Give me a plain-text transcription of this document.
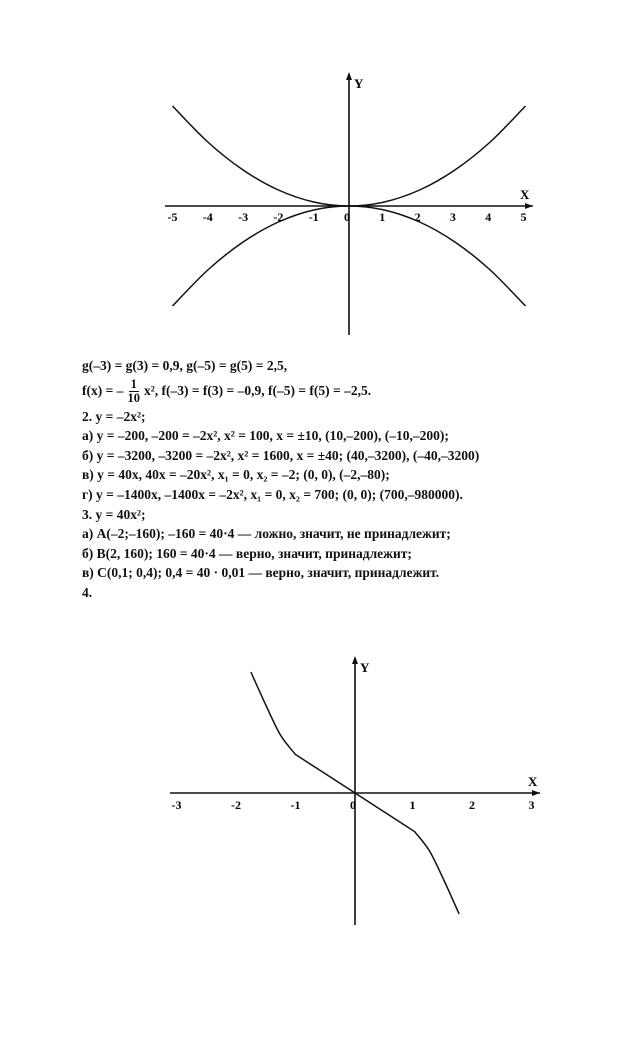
Y
X
-5 -4 -3 -2 -1 0 1 2 3 4 5
g(–3) = g(3) = 0,9, g(–5) = g(5) = 2,5,
f(x) = – $\frac{1}{10} x^2$, f(–3) = f(3) = –0,9, f(–5) = f(5) = –2,5.
2. y = –2x²;
а) y = –200, –200 = –2x², x² = 100, x = ±10, (10,–200), (–10,–200);
б) y = –3200, –3200 = –2x², x² = 1600, x = ±40; (40,–3200), (–40,–3200)
в) y = 40x, 40x = –20x², x₁ = 0, x₂ = –2; (0, 0), (–2,–80);
г) y = –1400x, –1400x = –2x², x₁ = 0, x₂ = 700; (0, 0); (700,–980000).
3. y = 40x²;
а) A(–2;–160); –160 = 40·4 — ложно, значит, не принадлежит;
б) B(2, 160); 160 = 40·4 — верно, значит, принадлежит;
в) C(0,1; 0,4); 0,4 = 40 · 0,01 — верно, значит, принадлежит.
4.
Y
X
-3	-2	-1	0	1	2	3
